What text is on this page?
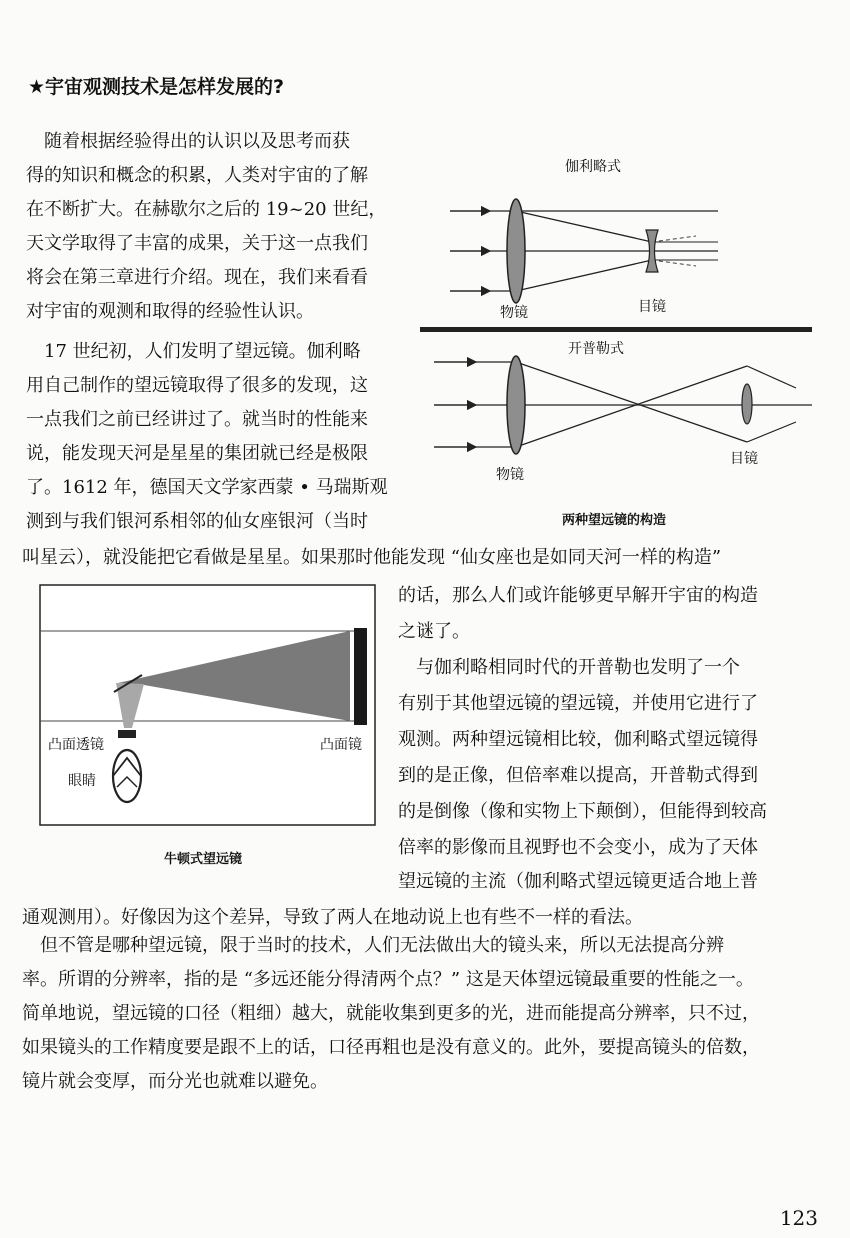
★宇宙观测技术是怎样发展的?
　随着根据经验得出的认识以及思考而获
得的知识和概念的积累，人类对宇宙的了解
在不断扩大。在赫歇尔之后的 19~20 世纪，
天文学取得了丰富的成果，关于这一点我们
将会在第三章进行介绍。现在，我们来看看
对宇宙的观测和取得的经验性认识。
　17 世纪初，人们发明了望远镜。伽利略
用自己制作的望远镜取得了很多的发现，这
一点我们之前已经讲过了。就当时的性能来
说，能发现天河是星星的集团就已经是极限
了。1612 年，德国天文学家西蒙 • 马瑞斯观
测到与我们银河系相邻的仙女座银河（当时
叫星云），就没能把它看做是星星。如果那时他能发现 “仙女座也是如同天河一样的构造”
的话，那么人们或许能够更早解开宇宙的构造
之谜了。
　与伽利略相同时代的开普勒也发明了一个
有别于其他望远镜的望远镜，并使用它进行了
观测。两种望远镜相比较，伽利略式望远镜得
到的是正像，但倍率难以提高，开普勒式得到
的是倒像（像和实物上下颠倒），但能得到较高
倍率的影像而且视野也不会变小，成为了天体
望远镜的主流（伽利略式望远镜更适合地上普
通观测用）。好像因为这个差异，导致了两人在地动说上也有些不一样的看法。
　但不管是哪种望远镜，限于当时的技术，人们无法做出大的镜头来，所以无法提高分辨
率。所谓的分辨率，指的是 “多远还能分得清两个点？” 这是天体望远镜最重要的性能之一。
简单地说，望远镜的口径（粗细）越大，就能收集到更多的光，进而能提高分辨率，只不过，
如果镜头的工作精度要是跟不上的话，口径再粗也是没有意义的。此外，要提高镜头的倍数，
镜片就会变厚，而分光也就难以避免。
伽利略式
物镜	目镜
开普勒式
物镜
目镜
两种望远镜的构造
凸面透镜	凸面镜
眼睛
牛顿式望远镜
123
